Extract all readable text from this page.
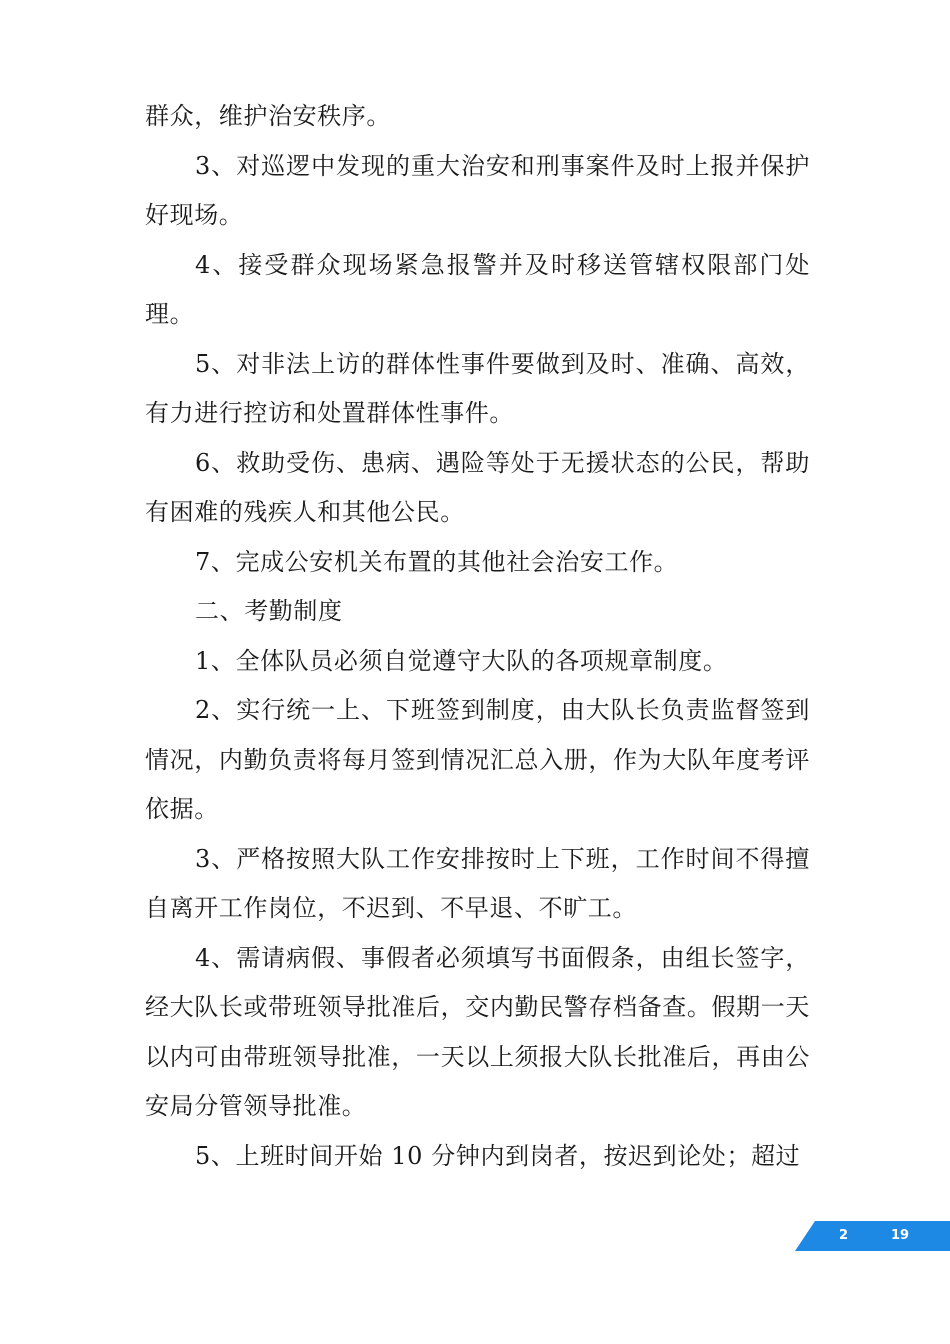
群众，维护治安秩序。

3、对巡逻中发现的重大治安和刑事案件及时上报并保护好现场。

4、接受群众现场紧急报警并及时移送管辖权限部门处理。

5、对非法上访的群体性事件要做到及时、准确、高效，有力进行控访和处置群体性事件。

6、救助受伤、患病、遇险等处于无援状态的公民，帮助有困难的残疾人和其他公民。

7、完成公安机关布置的其他社会治安工作。

二、考勤制度

1、全体队员必须自觉遵守大队的各项规章制度。

2、实行统一上、下班签到制度，由大队长负责监督签到情况，内勤负责将每月签到情况汇总入册，作为大队年度考评依据。

3、严格按照大队工作安排按时上下班，工作时间不得擅自离开工作岗位，不迟到、不早退、不旷工。

4、需请病假、事假者必须填写书面假条，由组长签字，经大队长或带班领导批准后，交内勤民警存档备查。假期一天以内可由带班领导批准，一天以上须报大队长批准后，再由公安局分管领导批准。

5、上班时间开始 10 分钟内到岗者，按迟到论处；超过

2	19
